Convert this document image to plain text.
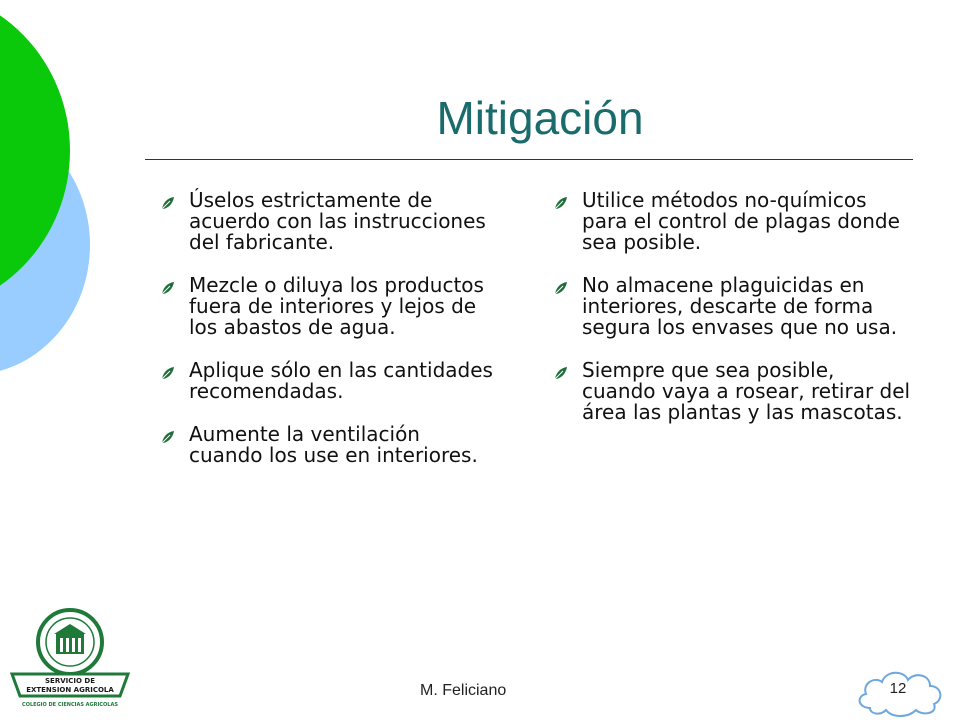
Mitigación
Úselos estrictamente de acuerdo con las instrucciones del fabricante.
Mezcle o diluya los productos fuera de interiores y lejos de los abastos de agua.
Aplique sólo en las cantidades recomendadas.
Aumente la ventilación cuando los use en interiores.
Utilice métodos no-químicos para el control de plagas donde sea posible.
No almacene plaguicidas en interiores, descarte de forma segura los envases que no usa.
Siempre que sea posible, cuando vaya a rosear, retirar del área las plantas y las mascotas.
SERVICIO DE
EXTENSION AGRICOLA
COLEGIO DE CIENCIAS AGRICOLAS
M. Feliciano	12
